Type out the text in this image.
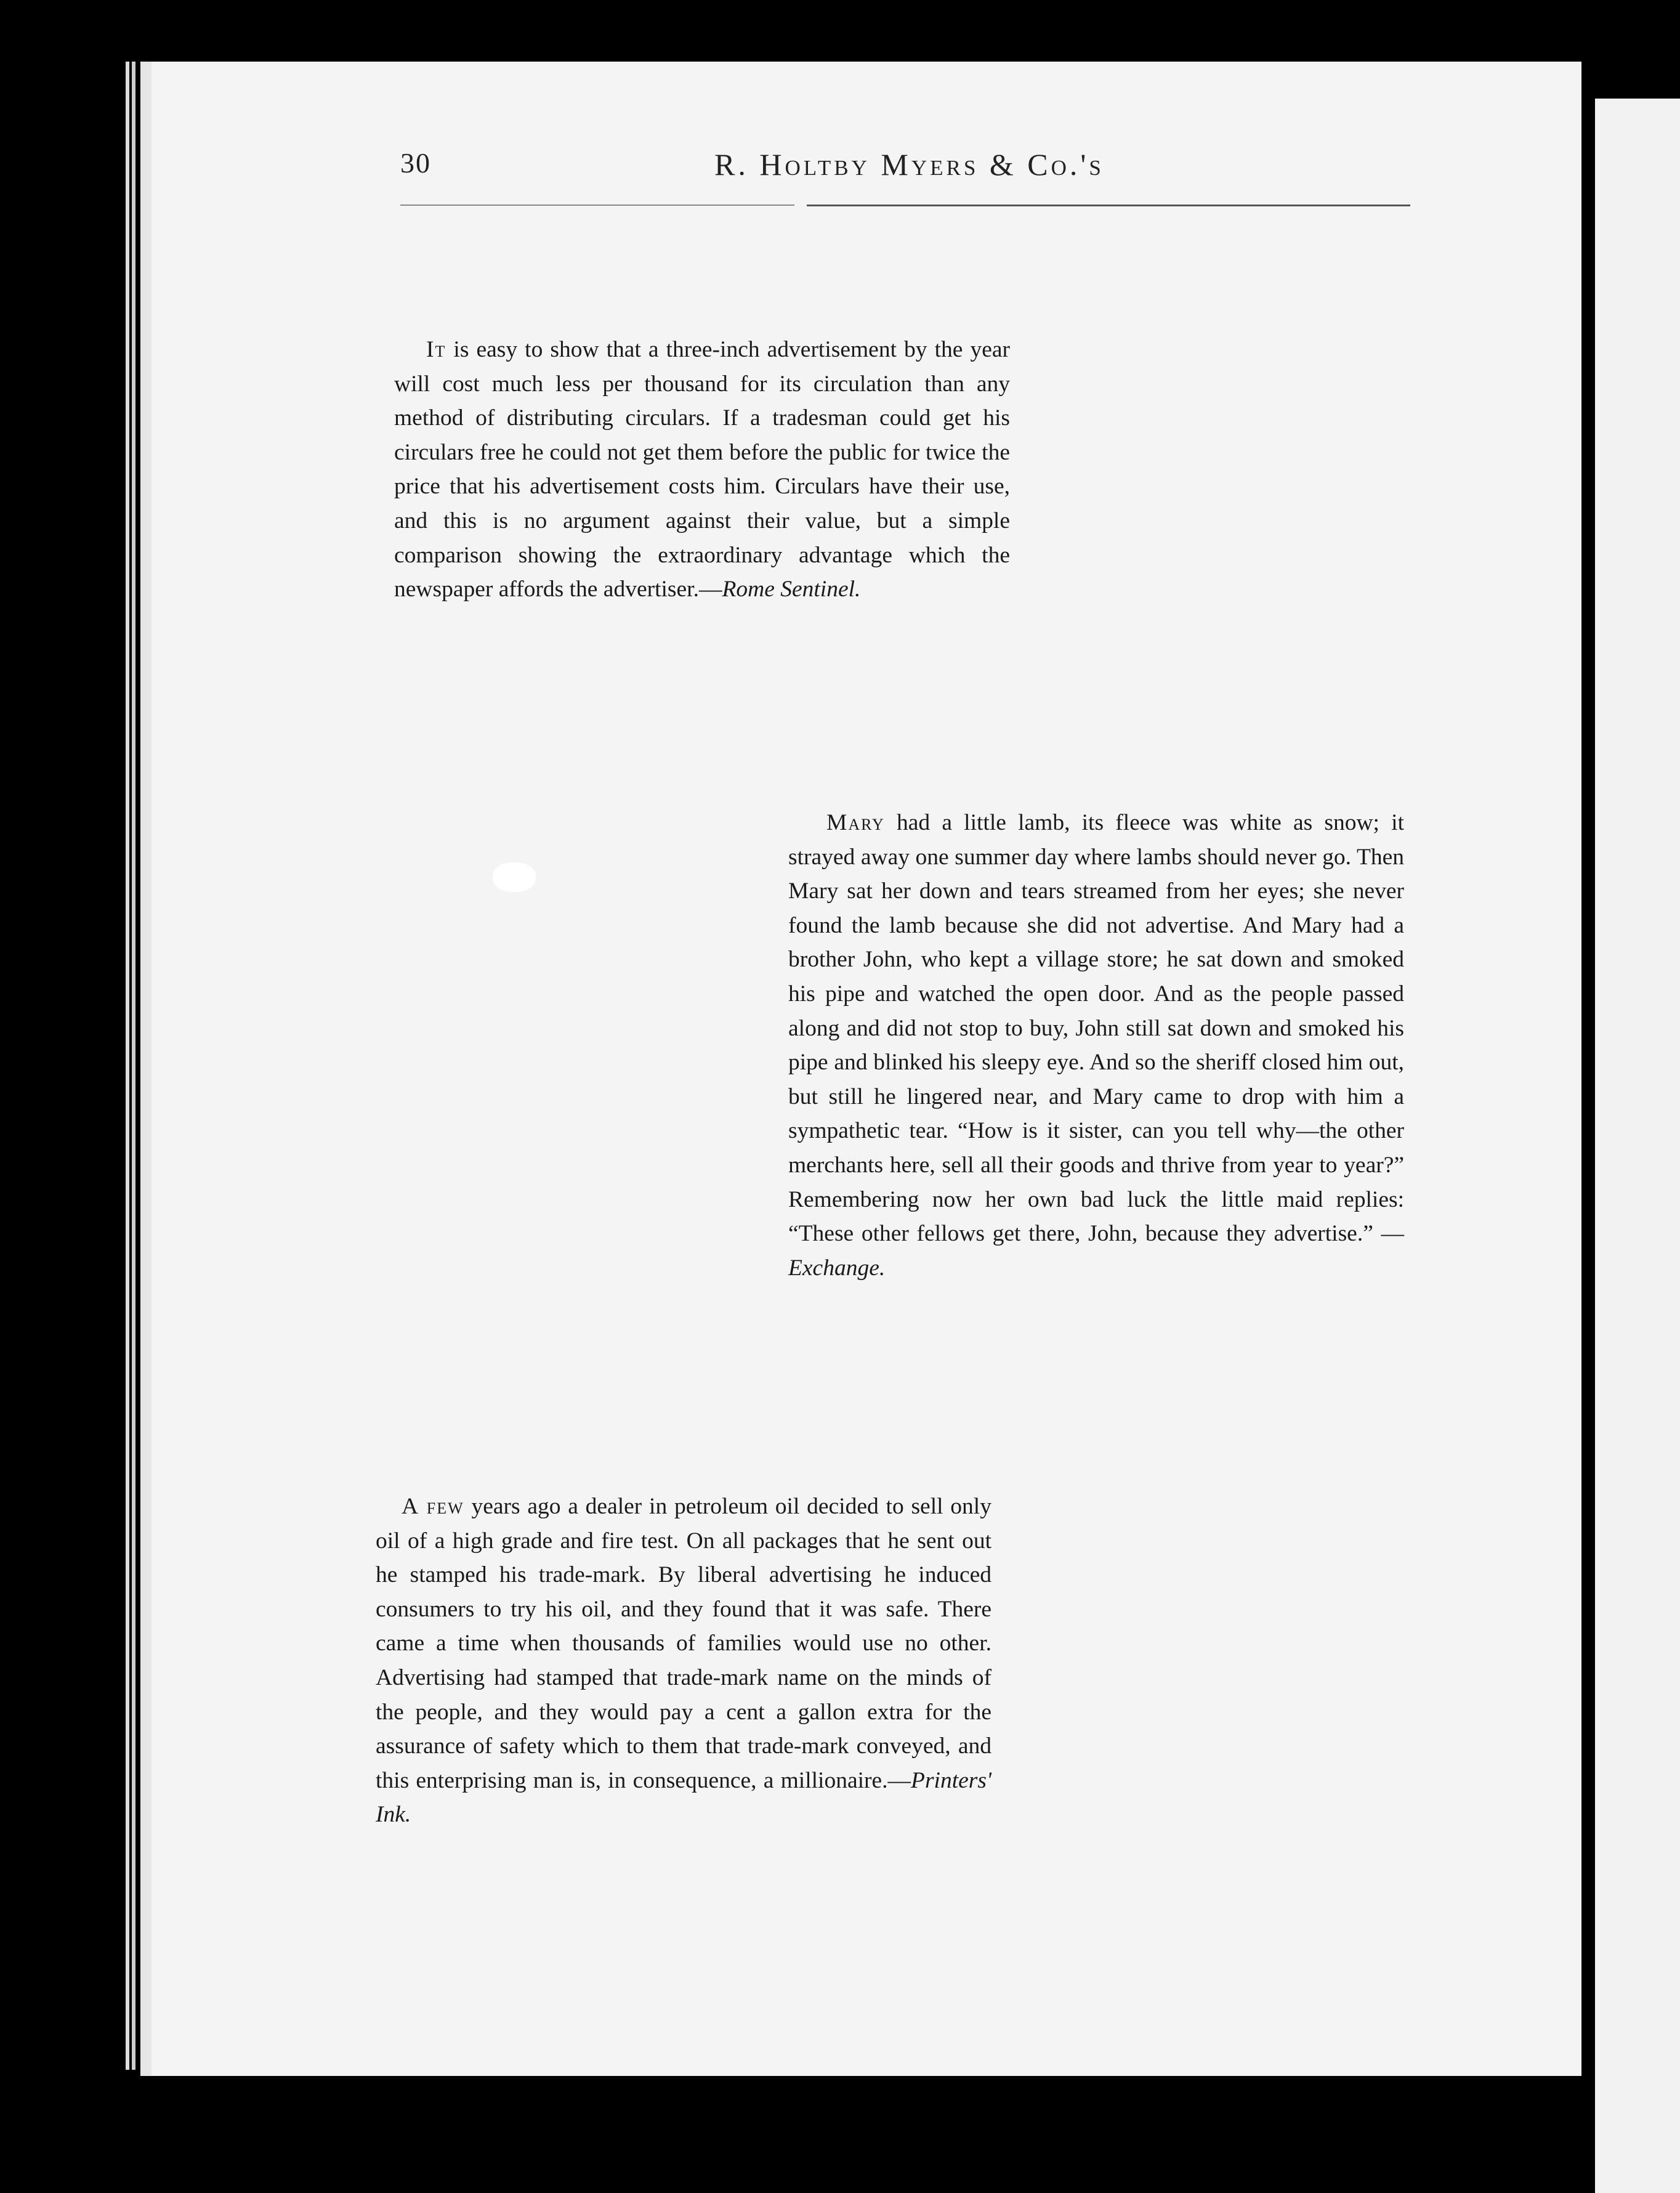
30	R. Holtby Myers & Co.'s

It is easy to show that a three-inch advertisement by the year will cost much less per thousand for its circulation than any method of distributing circulars. If a tradesman could get his circulars free he could not get them before the public for twice the price that his advertisement costs him. Circulars have their use, and this is no argument against their value, but a simple comparison showing the extraordinary advantage which the newspaper affords the advertiser.—Rome Sentinel.

Mary had a little lamb, its fleece was white as snow; it strayed away one summer day where lambs should never go. Then Mary sat her down and tears streamed from her eyes; she never found the lamb because she did not advertise. And Mary had a brother John, who kept a village store; he sat down and smoked his pipe and watched the open door. And as the people passed along and did not stop to buy, John still sat down and smoked his pipe and blinked his sleepy eye. And so the sheriff closed him out, but still he lingered near, and Mary came to drop with him a sympathetic tear. “How is it sister, can you tell why—the other merchants here, sell all their goods and thrive from year to year?” Remembering now her own bad luck the little maid replies: “These other fellows get there, John, because they advertise.” —Exchange.

A few years ago a dealer in petroleum oil decided to sell only oil of a high grade and fire test. On all packages that he sent out he stamped his trade-mark. By liberal advertising he induced consumers to try his oil, and they found that it was safe. There came a time when thousands of families would use no other. Advertising had stamped that trade-mark name on the minds of the people, and they would pay a cent a gallon extra for the assurance of safety which to them that trade-mark conveyed, and this enterprising man is, in consequence, a millionaire.—Printers' Ink.
